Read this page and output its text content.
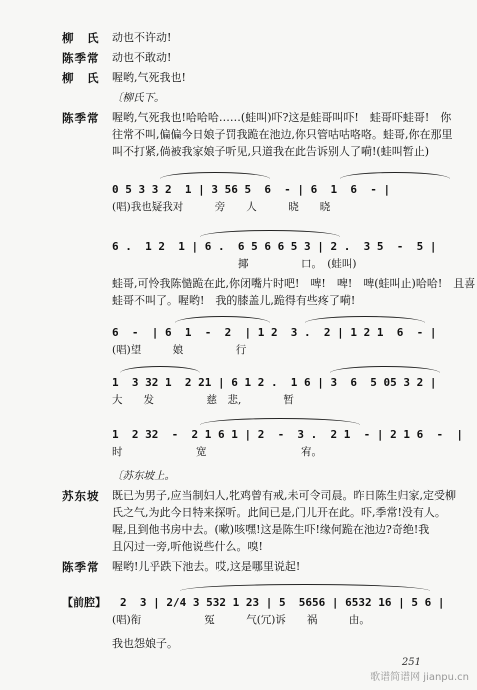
柳　氏 动也不许动!
陈季常 动也不敢动!
柳　氏 喔哟,气死我也!
〔柳氏下。
陈季常 喔哟,气死我也!哈哈哈……(蛙叫)吓?这是蛙哥叫吓!　蛙哥吓蛙哥!　你
往常不叫,偏偏今日娘子罚我跪在池边,你只管咕咕咯咯。蛙哥,你在那里
叫不打紧,倘被我家娘子听见,只道我在此告诉别人了嗬!(蛙叫暂止)
0 5 3 3 2  1 | 3 56 5  6  - | 6  1  6  - |
(唱)我也疑我对　　　旁　　人　　　晓　　晓
6 .  1 2  1 | 6 .  6 5 6 6 5 3 | 2 .  3 5  -  5 |
　　　　　　　　　　　　揶　　　　　口。　(蛙叫)
蛙哥,可怜我陈慥跪在此,你闭嘴片时吧!　啤!　啤!　啤(蛙叫止)哈哈!　且喜
蛙哥不叫了。喔哟!　我的膝盖儿,跪得有些疼了嗬!
6  -  | 6  1  -  2  | 1 2  3 .  2 | 1 2 1  6  - |
(唱)望　　　娘　　　　　行
1  3 32 1  2 21 | 6 1 2 .  1 6 | 3  6  5 05 3 2 |
大　　发　　　　　慈　悲,　　　　暂
1  2 32  -  2 1 6 1 | 2  -  3 .  2 1  - | 2 1 6  -  |
时　　　　　　　宽　　　　　　　　　宥。
〔苏东坡上。
苏东坡 既已为男子,应当制妇人,牝鸡曾有戒,未可令司晨。昨日陈生归家,定受柳
氏之气,为此今日特来探听。此间已是,门儿开在此。吓,季常!没有人。
喔,且到他书房中去。(嗽)咳嘿!这是陈生吓!缘何跪在池边?奇绝!我
且闪过一旁,听他说些什么。嗅!
陈季常 喔哟!儿乎跌下池去。哎,这是哪里说起!
【前腔】 2  3 | 2/4 3 532 1 23 | 5  5656 | 6532 16 | 5 6 |
(唱)衔　　　　　　冤　　　气(冗)诉　　祸　　　由。
我也怨娘子。
251
歌谱简谱网 jianpu.cn
